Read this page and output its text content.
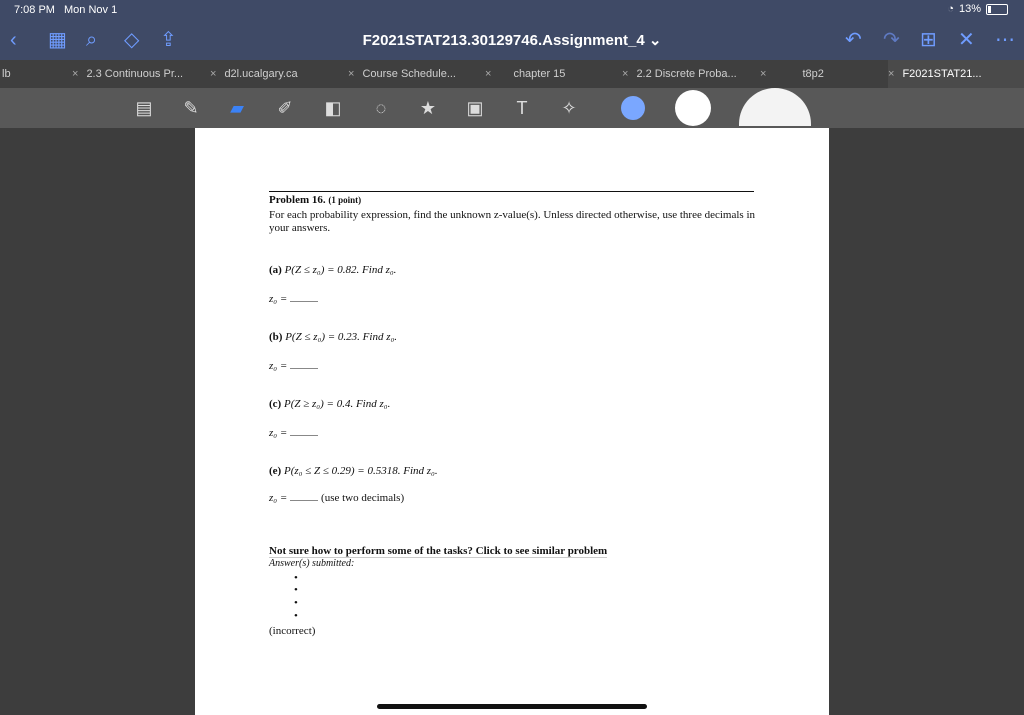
7:08 PM Mon Nov 1	◔ 13%
‹ ▦ ⌕ ◇ ⇪	F2021STAT213.30129746.Assignment_4 ⌄	↶ ↷ ⊞ ✕ ⋯
lb	× 2.3 Continuous Pr...	× d2l.ucalgary.ca	× Course Schedule...	× chapter 15	× 2.2 Discrete Proba...	×	t8p2	× F2021STAT21...
▤	✎	▰	✐	◧	◌	★ ▣	T	✧
Problem 16. (1 point)
For each probability expression, find the unknown z-value(s). Unless directed otherwise, use three decimals in your answers.
(a) P(Z ≤ z₀) = 0.82. Find z₀.
z₀ =
(b) P(Z ≤ z₀) = 0.23. Find z₀.
z₀ =
(c) P(Z ≥ z₀) = 0.4. Find z₀.
z₀ =
(e) P(z₀ ≤ Z ≤ 0.29) = 0.5318. Find z₀.
z₀ =	(use two decimals)
Not sure how to perform some of the tasks? Click to see similar problem
Answer(s) submitted:
•
•
•
•
(incorrect)
